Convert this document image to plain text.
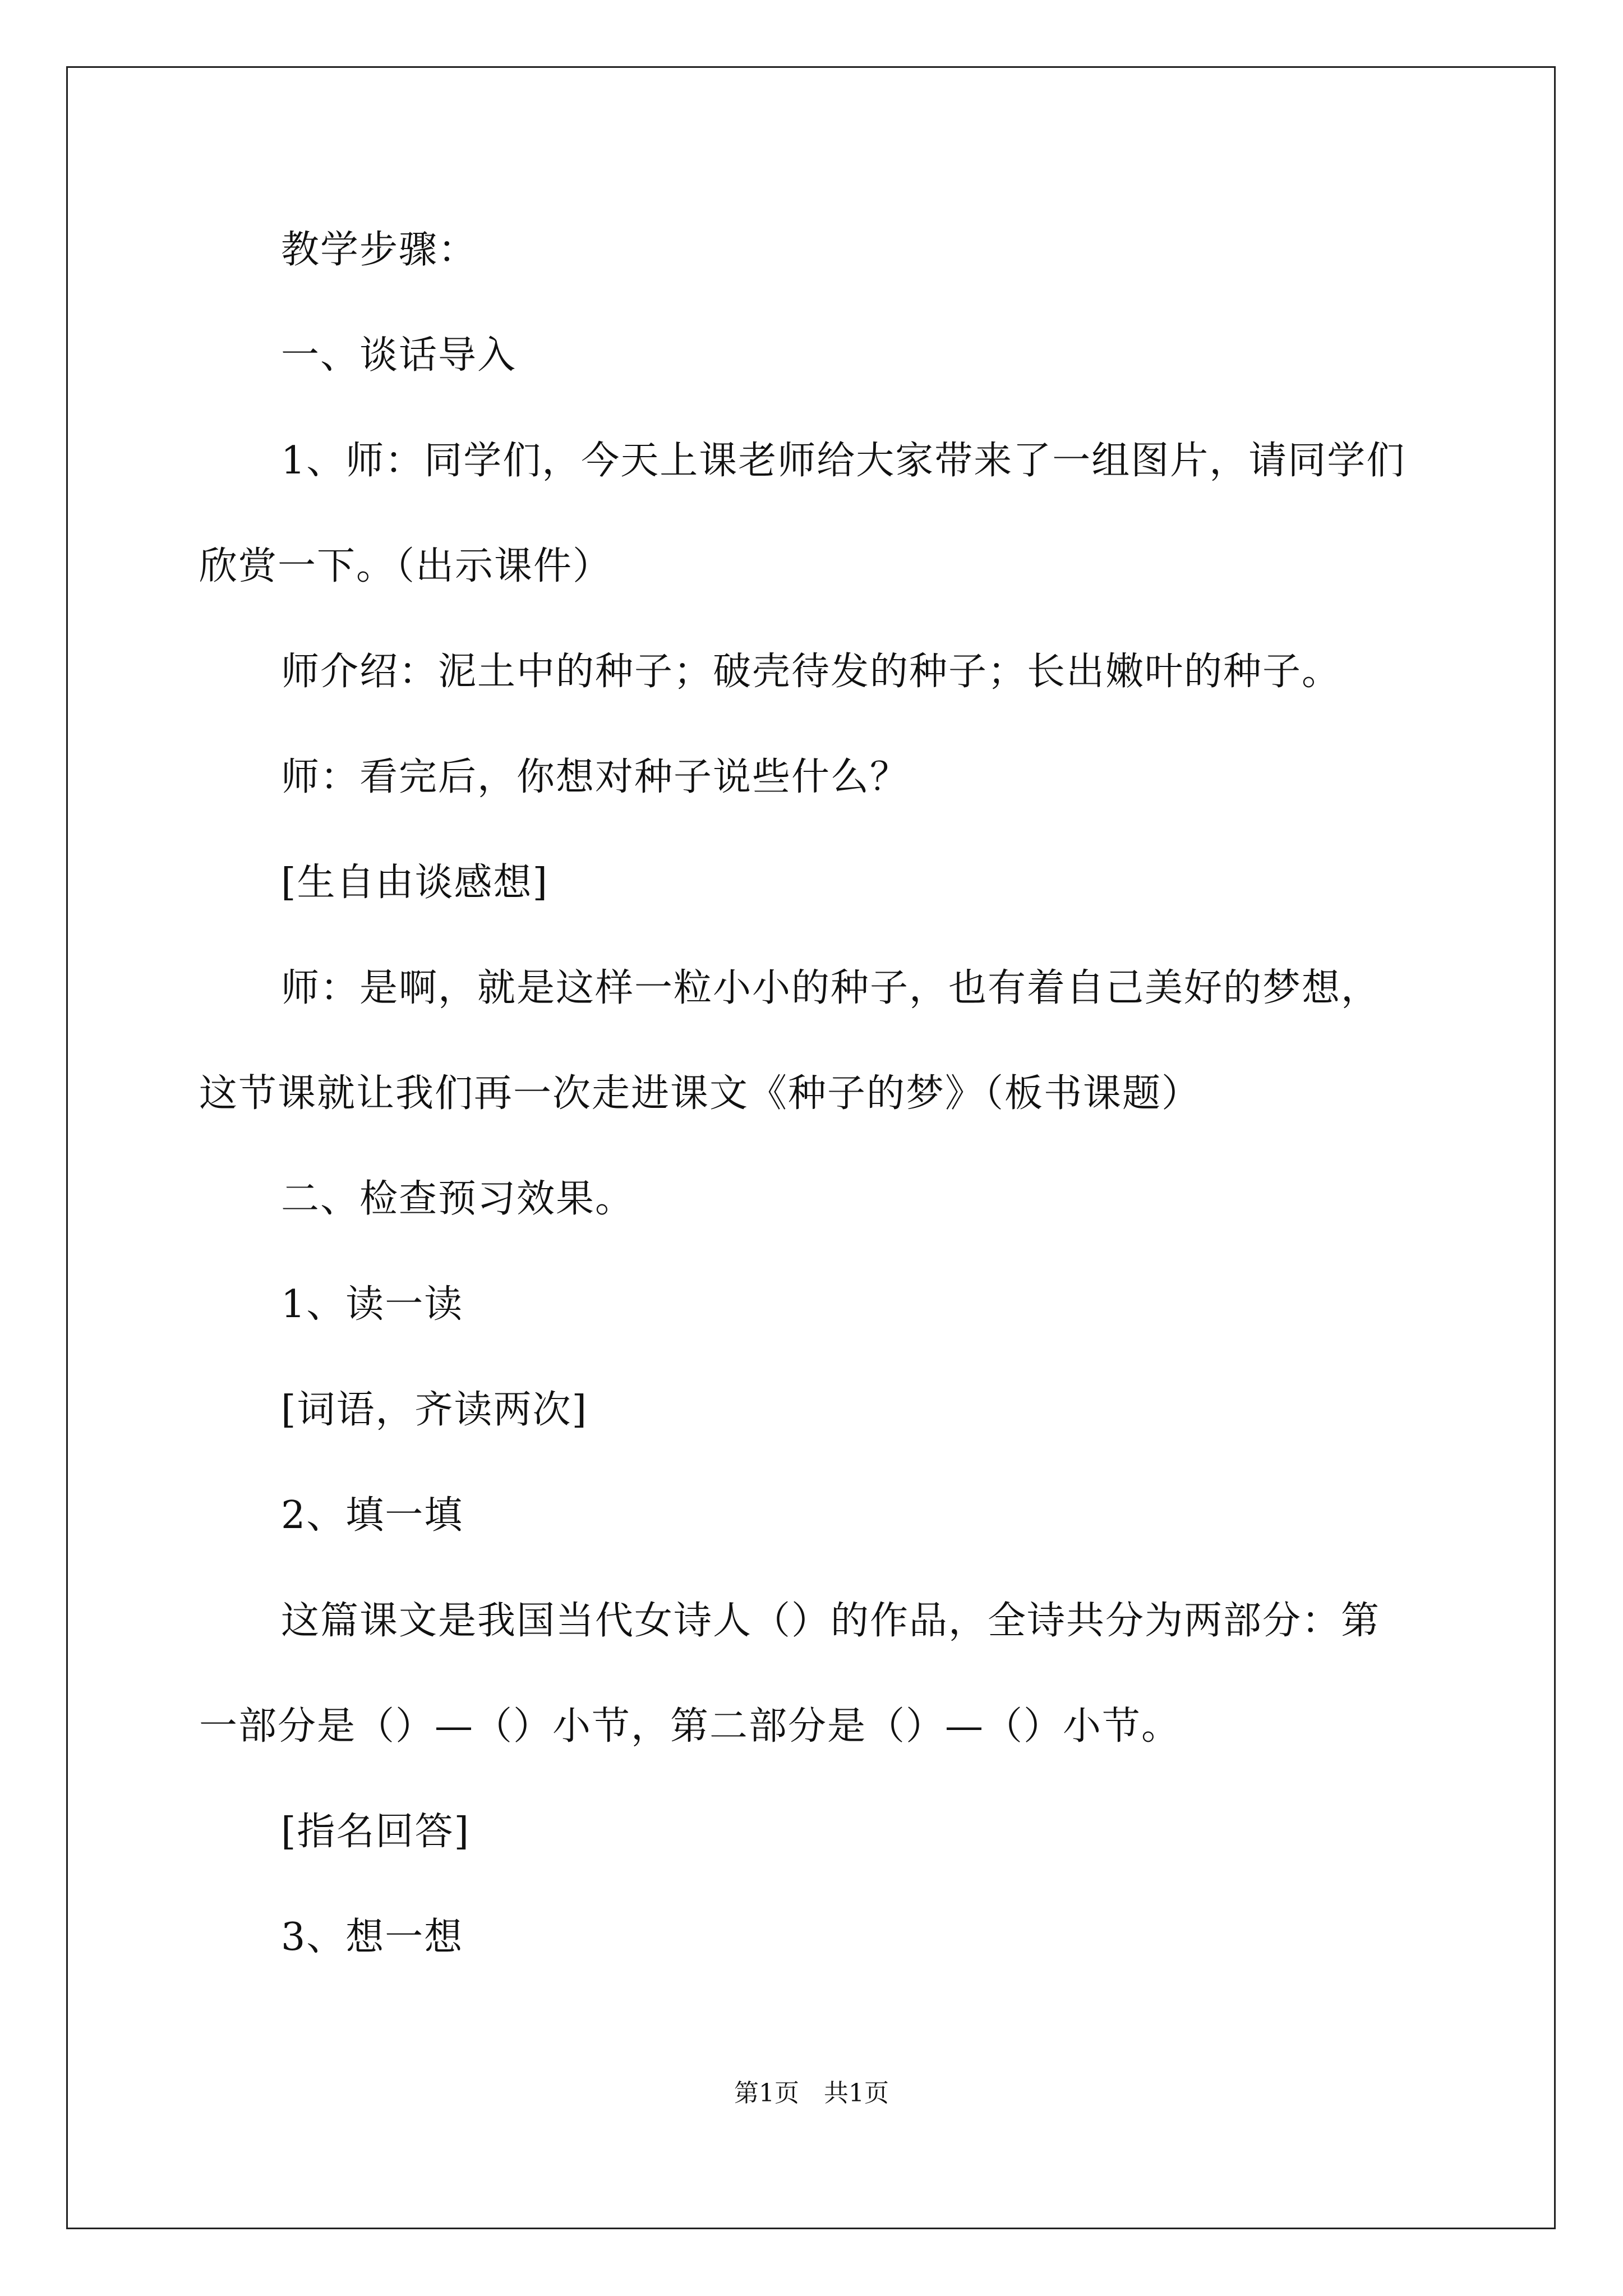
教学步骤：
一、谈话导入
1、师：同学们，今天上课老师给大家带来了一组图片，请同学们
欣赏一下。（出示课件）
师介绍：泥土中的种子；破壳待发的种子；长出嫩叶的种子。
师：看完后，你想对种子说些什么？
[生自由谈感想]
师：是啊，就是这样一粒小小的种子，也有着自己美好的梦想，
这节课就让我们再一次走进课文《种子的梦》（板书课题）
二、检查预习效果。
1、读一读
[词语，齐读两次]
2、填一填
这篇课文是我国当代女诗人（）的作品，全诗共分为两部分：第
一部分是（）—（）小节，第二部分是（）—（）小节。
[指名回答]
3、想一想
第1页　共1页
